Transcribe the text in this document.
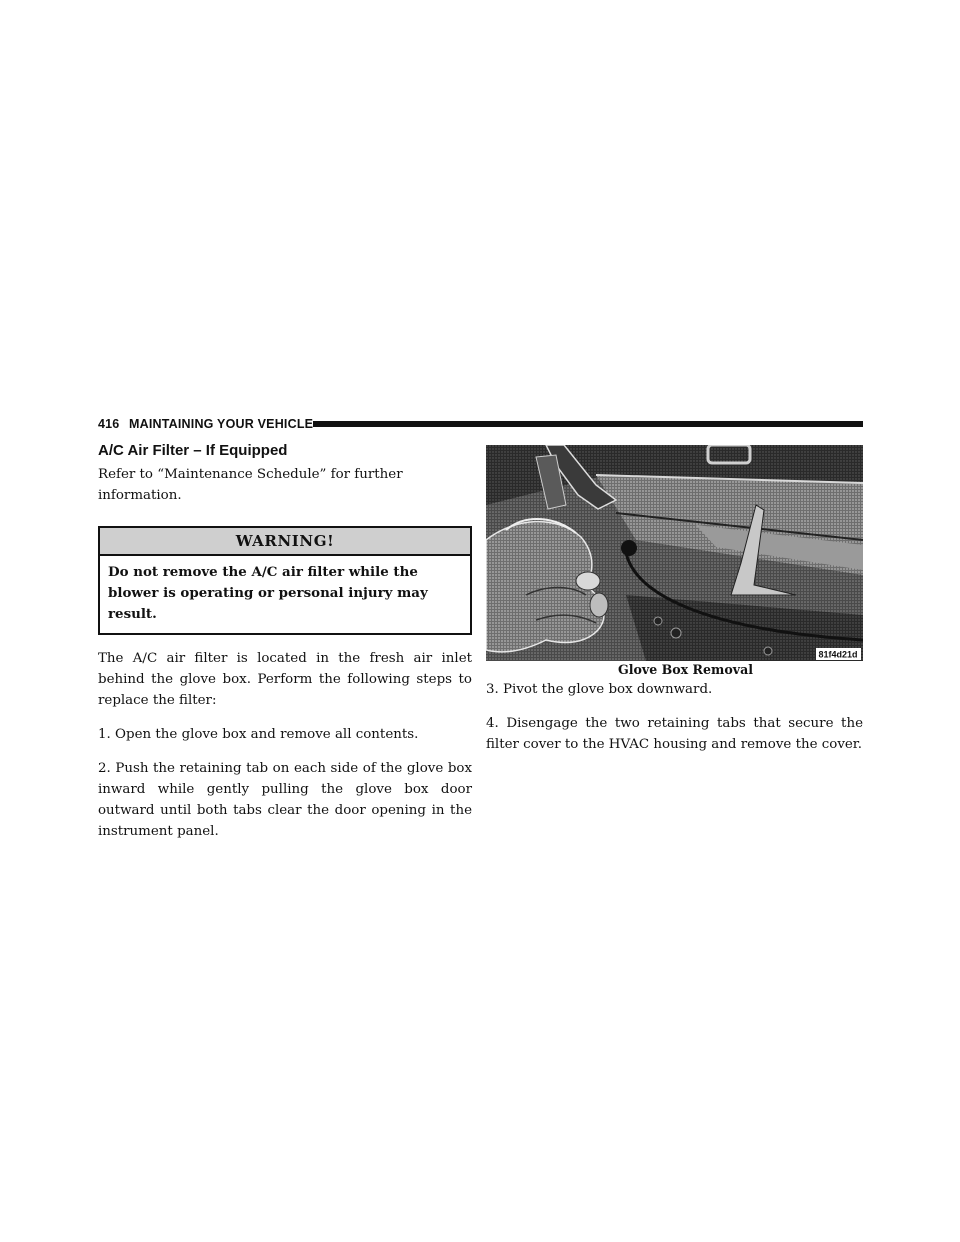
416 MAINTAINING YOUR VEHICLE
A/C Air Filter – If Equipped

Refer to “Maintenance Schedule” for further information.

WARNING!
Do not remove the A/C air filter while the blower is operating or personal injury may result.

The A/C air filter is located in the fresh air inlet behind the glove box. Perform the following steps to replace the filter:

1. Open the glove box and remove all contents.

2. Push the retaining tab on each side of the glove box inward while gently pulling the glove box door outward until both tabs clear the door opening in the instrument panel.

81f4d21d
Glove Box Removal

3. Pivot the glove box downward.

4. Disengage the two retaining tabs that secure the filter cover to the HVAC housing and remove the cover.
